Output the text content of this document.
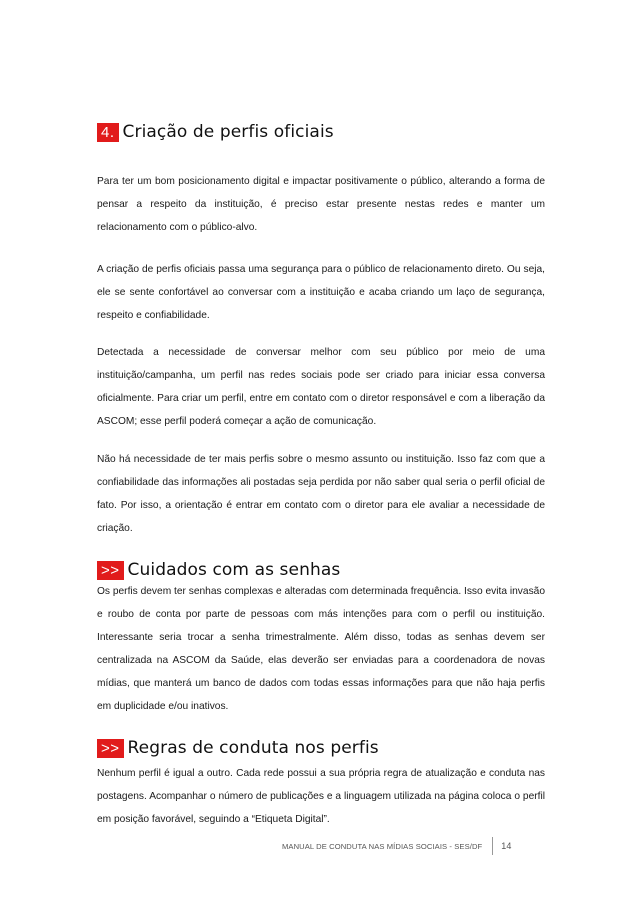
4. Criação de perfis oficiais

Para ter um bom posicionamento digital e impactar positivamente o público, alterando a forma de pensar a respeito da instituição, é preciso estar presente nestas redes e manter um relacionamento com o público-alvo.

A criação de perfis oficiais passa uma segurança para o público de relacionamento direto. Ou seja, ele se sente confortável ao conversar com a instituição e acaba criando um laço de segurança, respeito e confiabilidade.

Detectada a necessidade de conversar melhor com seu público por meio de uma instituição/campanha, um perfil nas redes sociais pode ser criado para iniciar essa conversa oficialmente. Para criar um perfil, entre em contato com o diretor responsável e com a liberação da ASCOM; esse perfil poderá começar a ação de comunicação.

Não há necessidade de ter mais perfis sobre o mesmo assunto ou instituição. Isso faz com que a confiabilidade das informações ali postadas seja perdida por não saber qual seria o perfil oficial de fato. Por isso, a orientação é entrar em contato com o diretor para ele avaliar a necessidade de criação.

>> Cuidados com as senhas

Os perfis devem ter senhas complexas e alteradas com determinada frequência. Isso evita invasão e roubo de conta por parte de pessoas com más intenções para com o perfil ou instituição. Interessante seria trocar a senha trimestralmente. Além disso, todas as senhas devem ser centralizada na ASCOM da Saúde, elas deverão ser enviadas para a coordenadora de novas mídias, que manterá um banco de dados com todas essas informações para que não haja perfis em duplicidade e/ou inativos.

>> Regras de conduta nos perfis

Nenhum perfil é igual a outro. Cada rede possui a sua própria regra de atualização e conduta nas postagens. Acompanhar o número de publicações e a linguagem utilizada na página coloca o perfil em posição favorável, seguindo a “Etiqueta Digital”.

MANUAL DE CONDUTA NAS MÍDIAS SOCIAIS - SES/DF 14
